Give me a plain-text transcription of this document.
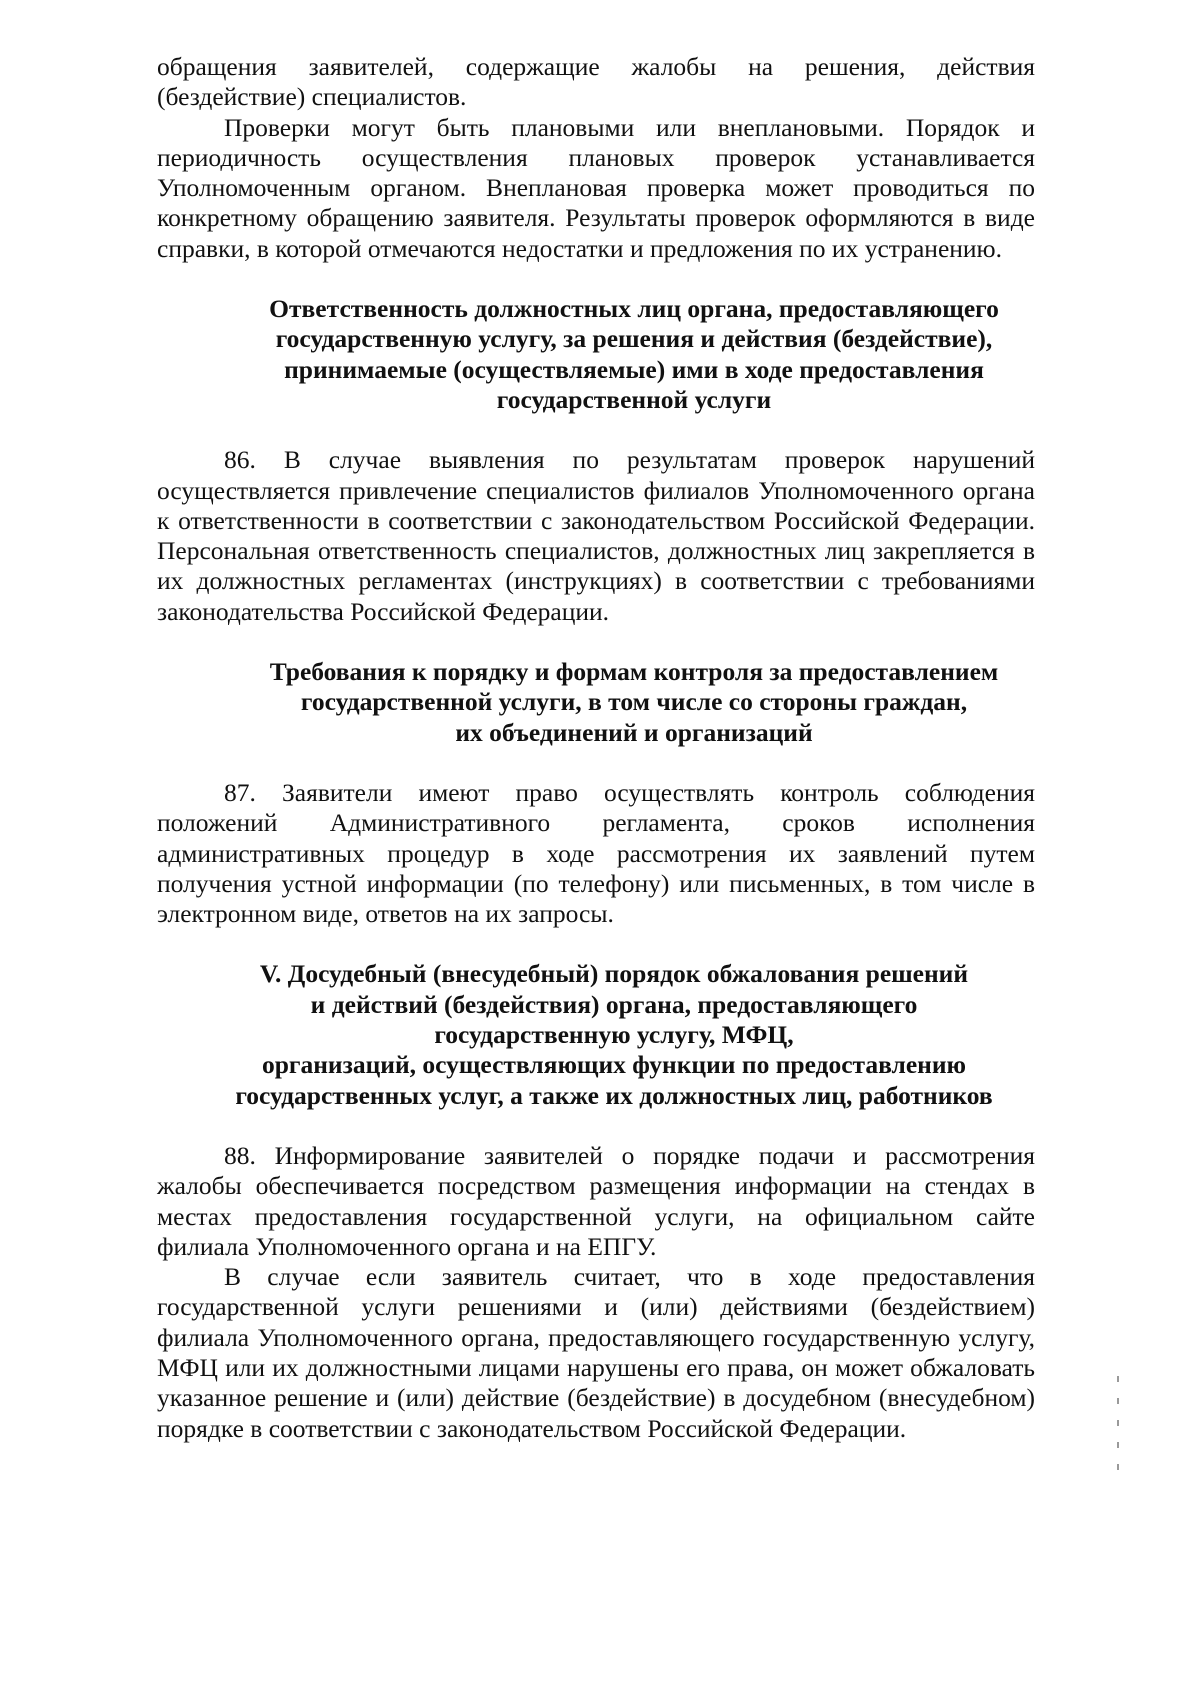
обращения заявителей, содержащие жалобы на решения, действия (бездействие) специалистов.

Проверки могут быть плановыми или внеплановыми. Порядок и периодичность осуществления плановых проверок устанавливается Уполномоченным органом. Внеплановая проверка может проводиться по конкретному обращению заявителя. Результаты проверок оформляются в виде справки, в которой отмечаются недостатки и предложения по их устранению.

Ответственность должностных лиц органа, предоставляющего
государственную услугу, за решения и действия (бездействие),
принимаемые (осуществляемые) ими в ходе предоставления
государственной услуги

86. В случае выявления по результатам проверок нарушений осуществляется привлечение специалистов филиалов Уполномоченного органа к ответственности в соответствии с законодательством Российской Федерации. Персональная ответственность специалистов, должностных лиц закрепляется в их должностных регламентах (инструкциях) в соответствии с требованиями законодательства Российской Федерации.

Требования к порядку и формам контроля за предоставлением
государственной услуги, в том числе со стороны граждан,
их объединений и организаций

87. Заявители имеют право осуществлять контроль соблюдения положений Административного регламента, сроков исполнения административных процедур в ходе рассмотрения их заявлений путем получения устной информации (по телефону) или письменных, в том числе в электронном виде, ответов на их запросы.

V. Досудебный (внесудебный) порядок обжалования решений
и действий (бездействия) органа, предоставляющего
государственную услугу, МФЦ,
организаций, осуществляющих функции по предоставлению
государственных услуг, а также их должностных лиц, работников

88. Информирование заявителей о порядке подачи и рассмотрения жалобы обеспечивается посредством размещения информации на стендах в местах предоставления государственной услуги, на официальном сайте филиала Уполномоченного органа и на ЕПГУ.

В случае если заявитель считает, что в ходе предоставления государственной услуги решениями и (или) действиями (бездействием) филиала Уполномоченного органа, предоставляющего государственную услугу, МФЦ или их должностными лицами нарушены его права, он может обжаловать указанное решение и (или) действие (бездействие) в досудебном (внесудебном) порядке в соответствии с законодательством Российской Федерации.
